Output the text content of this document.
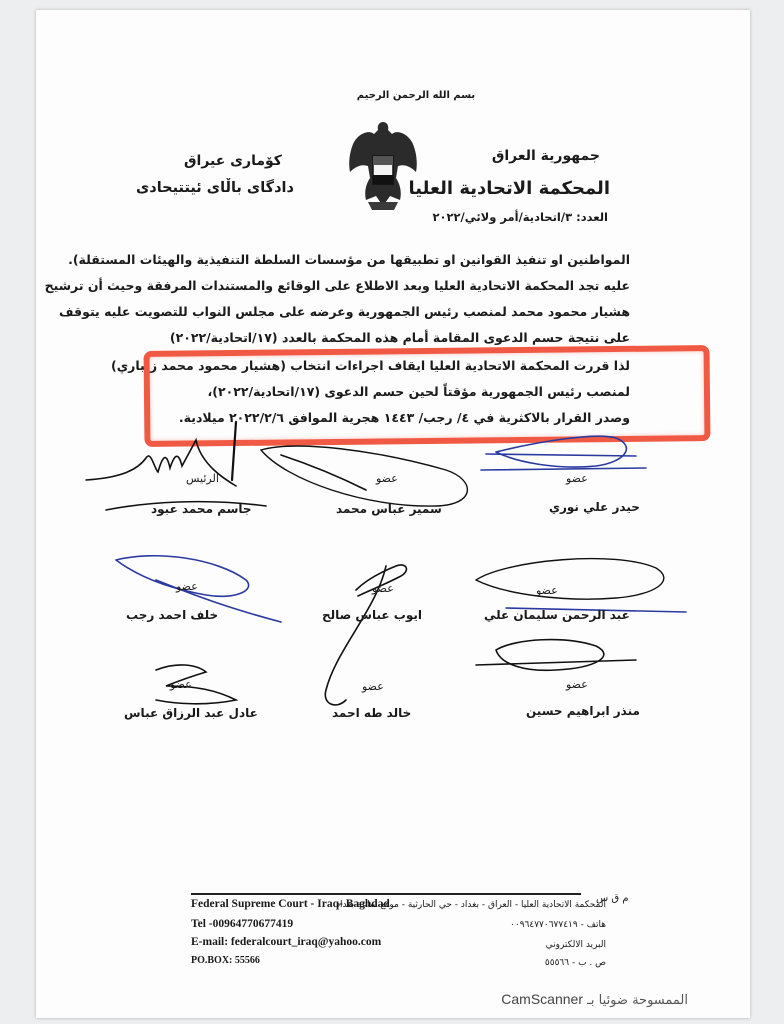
بسم الله الرحمن الرحيم
جمهورية العراق
المحكمة الاتحادية العليا
العدد: ٣/اتحادية/أمر ولائي/٢٠٢٢
كۆماری عیراق
دادگای باڵای ئیتتیحادی
المواطنين او تنفيذ القوانين او تطبيقها من مؤسسات السلطة التنفيذية والهيئات المستقلة).
عليه تجد المحكمة الاتحادية العليا وبعد الاطلاع على الوقائع والمستندات المرفقة وحيث أن ترشيح
هشيار محمود محمد لمنصب رئيس الجمهورية وعرضه على مجلس النواب للتصويت عليه يتوقف
على نتيجة حسم الدعوى المقامة أمام هذه المحكمة بالعدد (١٧/اتحادية/٢٠٢٢)
لذا قررت المحكمة الاتحادية العليا ايقاف اجراءات انتخاب (هشيار محمود محمد زيباري)
لمنصب رئيس الجمهورية مؤقتاً لحين حسم الدعوى (١٧/اتحادية/٢٠٢٢)،
وصدر القرار بالاكثرية في ٤/ رجب/ ١٤٤٣ هجرية الموافق ٢٠٢٢/٢/٦ ميلادية.
الرئيس
جاسم محمد عبود
عضو
سمير عباس محمد
عضو
حيدر علي نوري
عضو
خلف احمد رجب
عضو
ايوب عباس صالح
عضو
عبد الرحمن سليمان علي
عضو
عادل عبد الرزاق عباس
عضو
خالد طه احمد
عضو
منذر ابراهيم حسين
م ق س
Federal Supreme Court - Iraq- Baghdad
Tel -00964770677419
E-mail: federalcourt_iraq@yahoo.com
PO.BOX: 55566
المحكمة الاتحادية العليا - العراق - بغداد - حي الحارثية - موقع ساعة بغداد
هاتف - ٠٠٩٦٤٧٧٠٦٧٧٤١٩
البريد الالكتروني
ص . ب - ٥٥٥٦٦
CamScanner الممسوحة ضوئيا بـ
